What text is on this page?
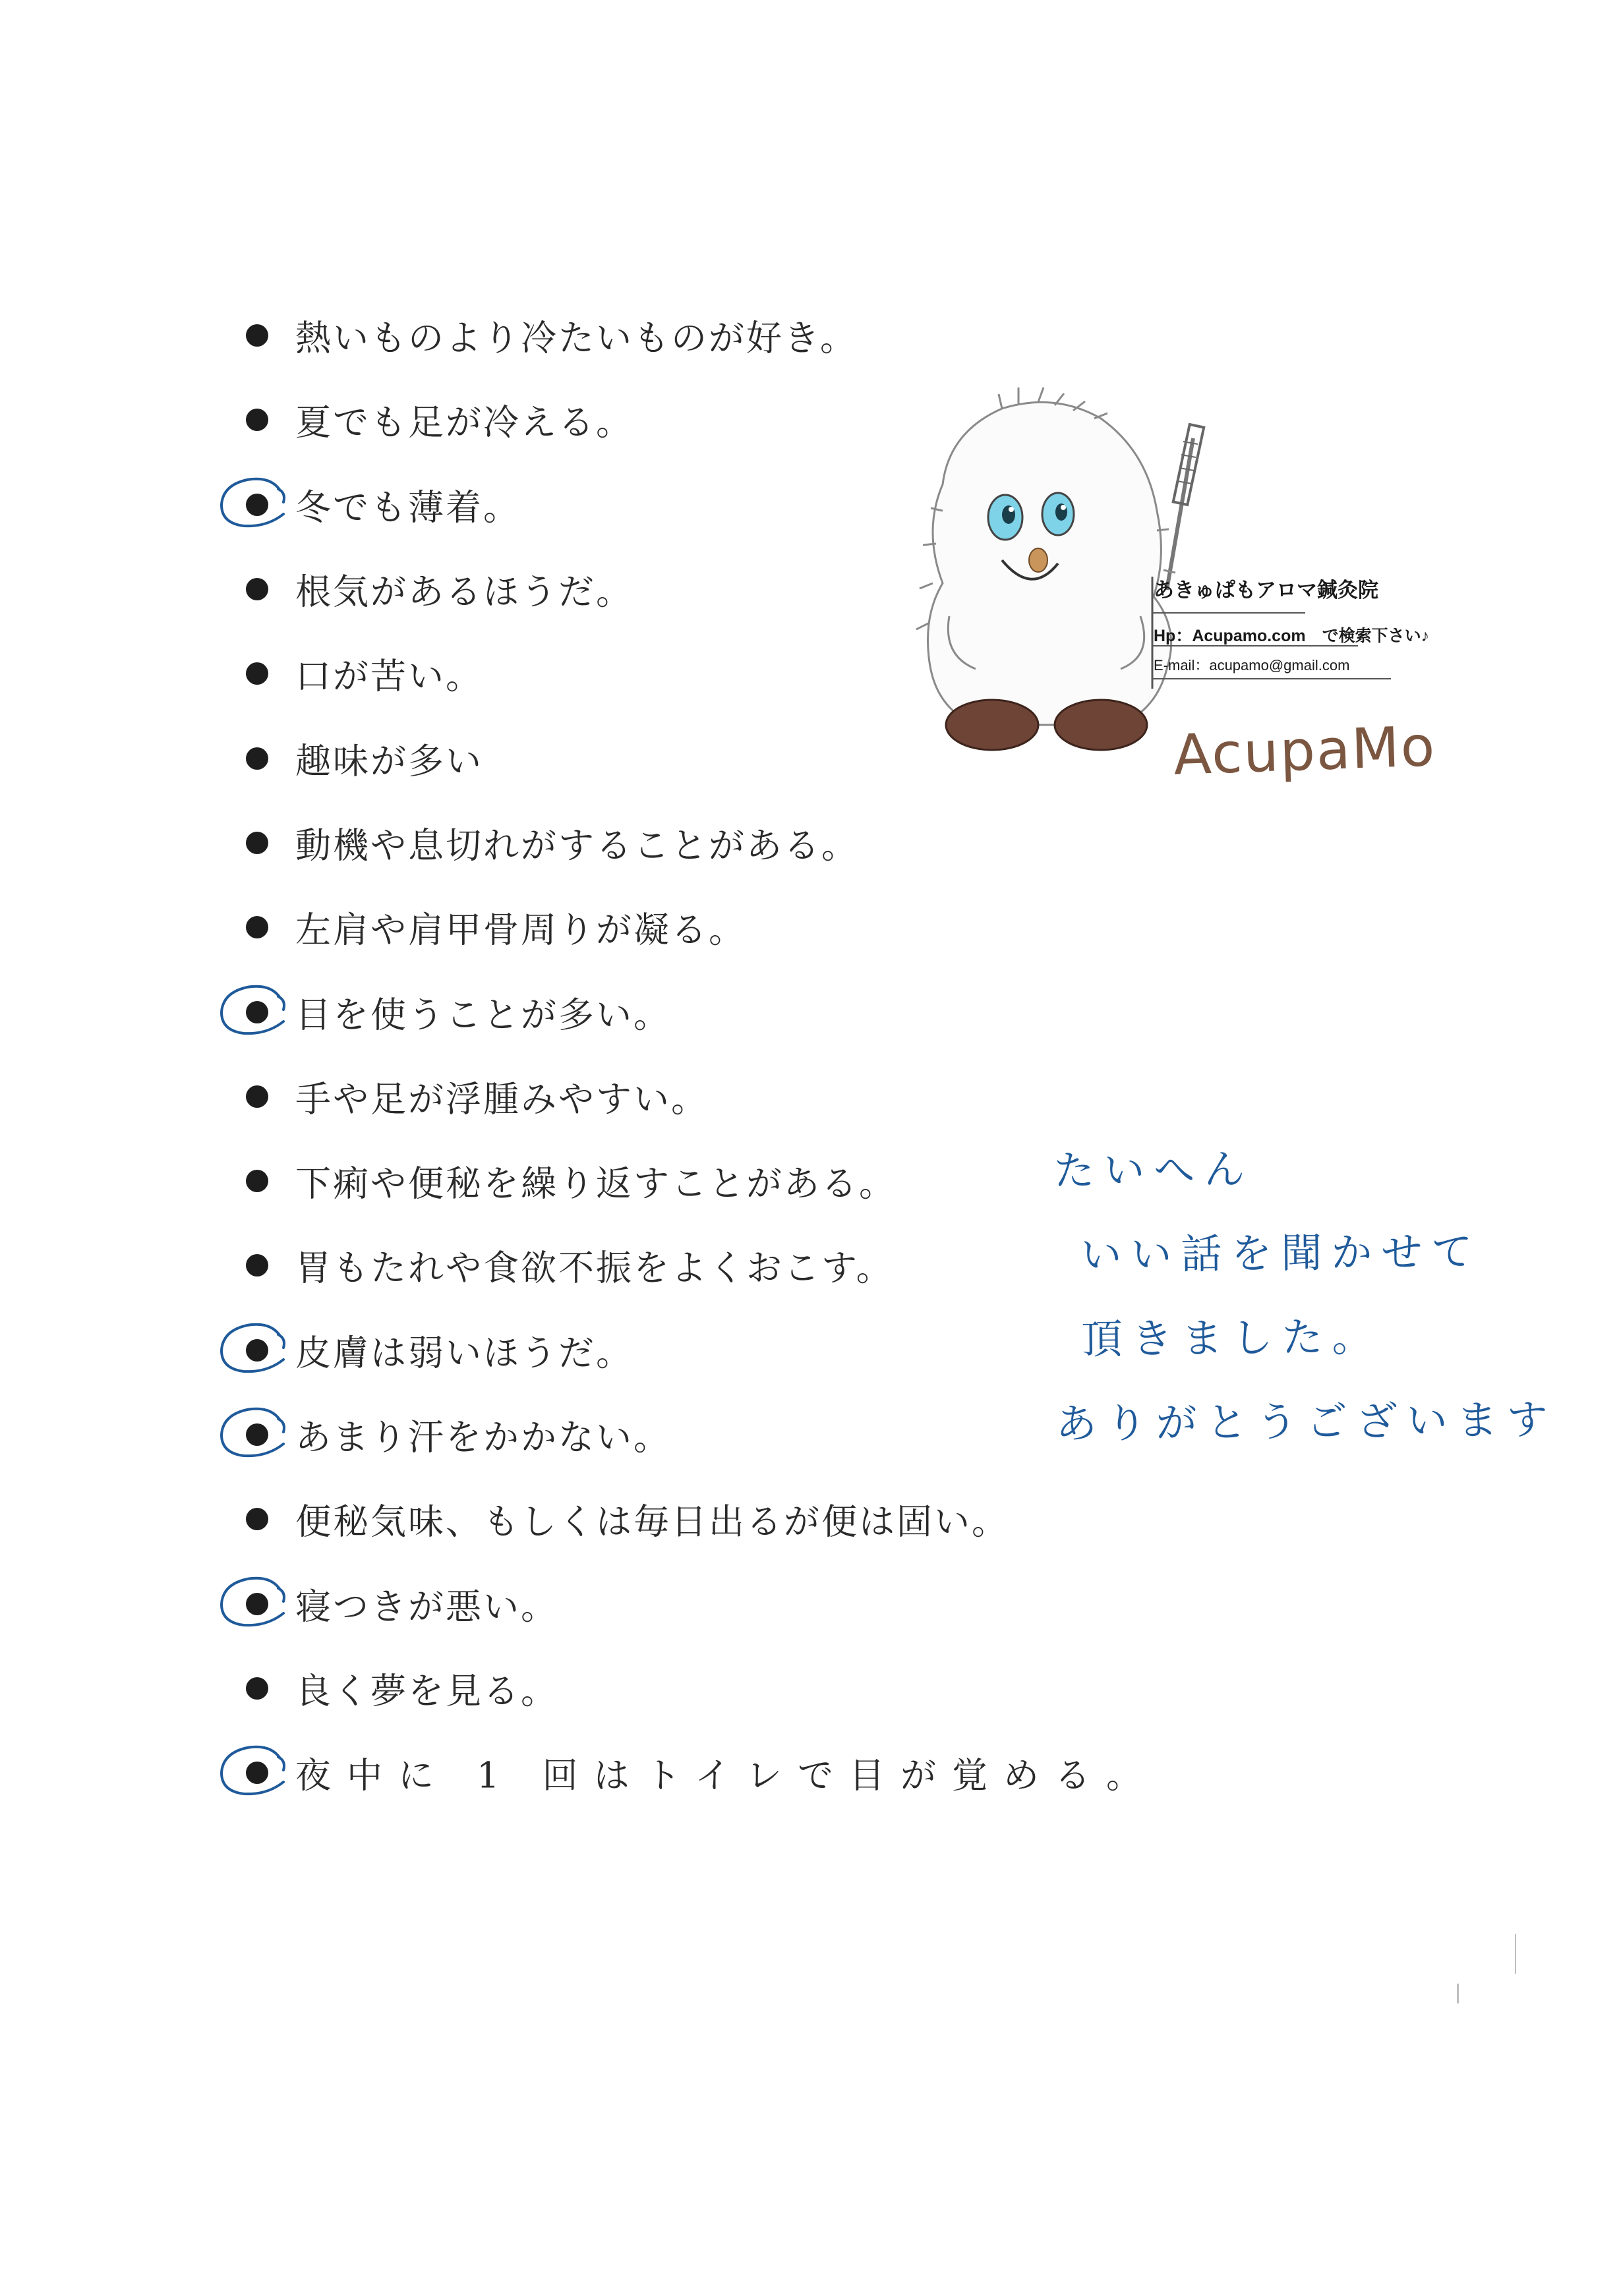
熱いものより冷たいものが好き。
夏でも足が冷える。
冬でも薄着。
根気があるほうだ。
口が苦い。
趣味が多い
動機や息切れがすることがある。
左肩や肩甲骨周りが凝る。
目を使うことが多い。
手や足が浮腫みやすい。
下痢や便秘を繰り返すことがある。
胃もたれや食欲不振をよくおこす。
皮膚は弱いほうだ。
あまり汗をかかない。
便秘気味、もしくは毎日出るが便は固い。
寝つきが悪い。
良く夢を見る。
夜中に 1 回はトイレで目が覚める。
あきゅぱもアロマ鍼灸院
Hp：Acupamo.com　で検索下さい♪
E-mail：acupamo@gmail.com
AcupaMo
たいへん
いい話を聞かせて
頂きました。
ありがとうございます
